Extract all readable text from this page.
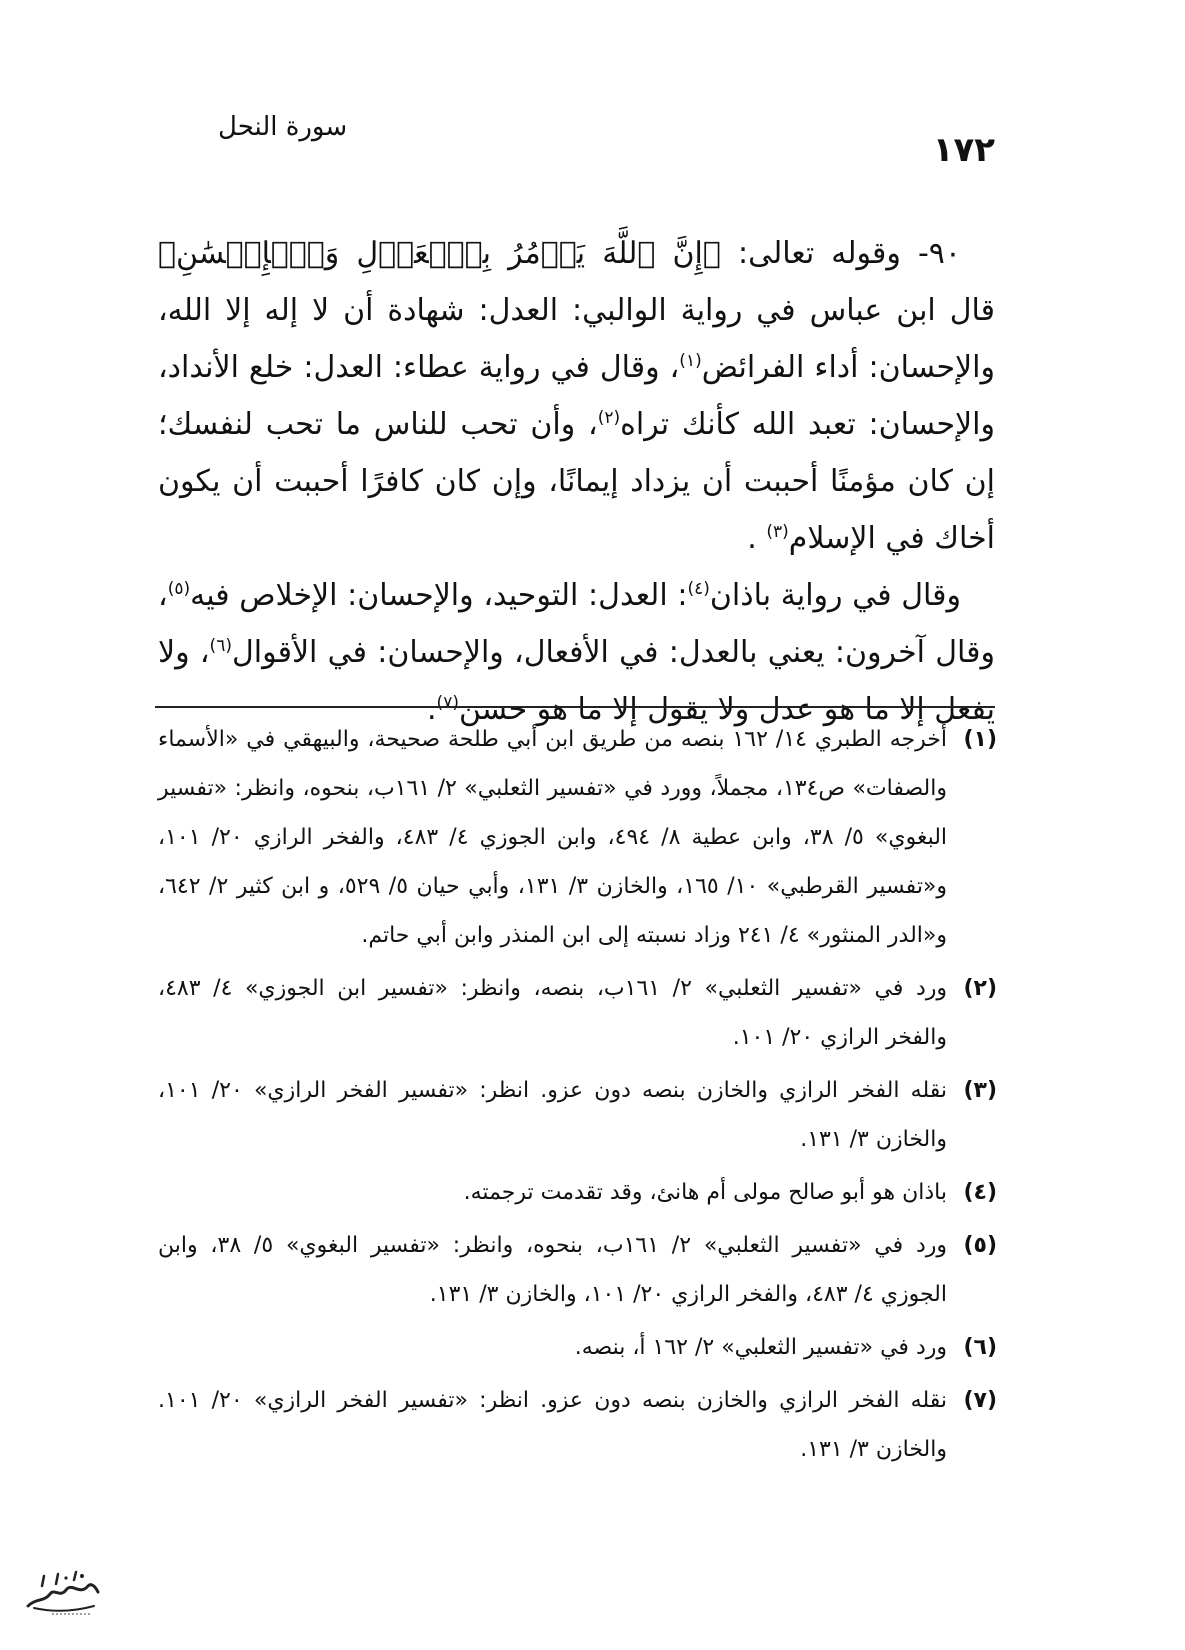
١٧٢
سورة النحل

٩٠- وقوله تعالى: ﴿إِنَّ ٱللَّهَ يَأۡمُرُ بِٱلۡعَدۡلِ وَٱلۡإِحۡسَٰنِ﴾ قال ابن عباس في رواية الوالبي: العدل: شهادة أن لا إله إلا الله، والإحسان: أداء الفرائض$^{(١)}$، وقال في رواية عطاء: العدل: خلع الأنداد، والإحسان: تعبد الله كأنك تراه$^{(٢)}$، وأن تحب للناس ما تحب لنفسك؛ إن كان مؤمنًا أحببت أن يزداد إيمانًا، وإن كان كافرًا أحببت أن يكون أخاك في الإسلام$^{(٣)}$ .

وقال في رواية باذان$^{(٤)}$: العدل: التوحيد، والإحسان: الإخلاص فيه$^{(٥)}$، وقال آخرون: يعني بالعدل: في الأفعال، والإحسان: في الأقوال$^{(٦)}$، ولا يفعل إلا ما هو عدل ولا يقول إلا ما هو حسن$^{(٧)}$.

(١)
أخرجه الطبري ١٤/ ١٦٢ بنصه من طريق ابن أبي طلحة صحيحة، والبيهقي في «الأسماء والصفات» ص١٣٤، مجملاً، وورد في «تفسير الثعلبي» ٢/ ١٦١ب، بنحوه، وانظر: «تفسير البغوي» ٥/ ٣٨، وابن عطية ٨/ ٤٩٤، وابن الجوزي ٤/ ٤٨٣، والفخر الرازي ٢٠/ ١٠١، و«تفسير القرطبي» ١٠/ ١٦٥، والخازن ٣/ ١٣١، وأبي حيان ٥/ ٥٢٩، و ابن كثير ٢/ ٦٤٢، و«الدر المنثور» ٤/ ٢٤١ وزاد نسبته إلى ابن المنذر وابن أبي حاتم.
(٢)
ورد في «تفسير الثعلبي» ٢/ ١٦١ب، بنصه، وانظر: «تفسير ابن الجوزي» ٤/ ٤٨٣، والفخر الرازي ٢٠/ ١٠١.
(٣)
نقله الفخر الرازي والخازن بنصه دون عزو. انظر: «تفسير الفخر الرازي» ٢٠/ ١٠١، والخازن ٣/ ١٣١.
(٤)
باذان هو أبو صالح مولى أم هانئ، وقد تقدمت ترجمته.
(٥)
ورد في «تفسير الثعلبي» ٢/ ١٦١ب، بنحوه، وانظر: «تفسير البغوي» ٥/ ٣٨، وابن الجوزي ٤/ ٤٨٣، والفخر الرازي ٢٠/ ١٠١، والخازن ٣/ ١٣١.
(٦)
ورد في «تفسير الثعلبي» ٢/ ١٦٢ أ، بنصه.
(٧)
نقله الفخر الرازي والخازن بنصه دون عزو. انظر: «تفسير الفخر الرازي» ٢٠/ ١٠١. والخازن ٣/ ١٣١.
